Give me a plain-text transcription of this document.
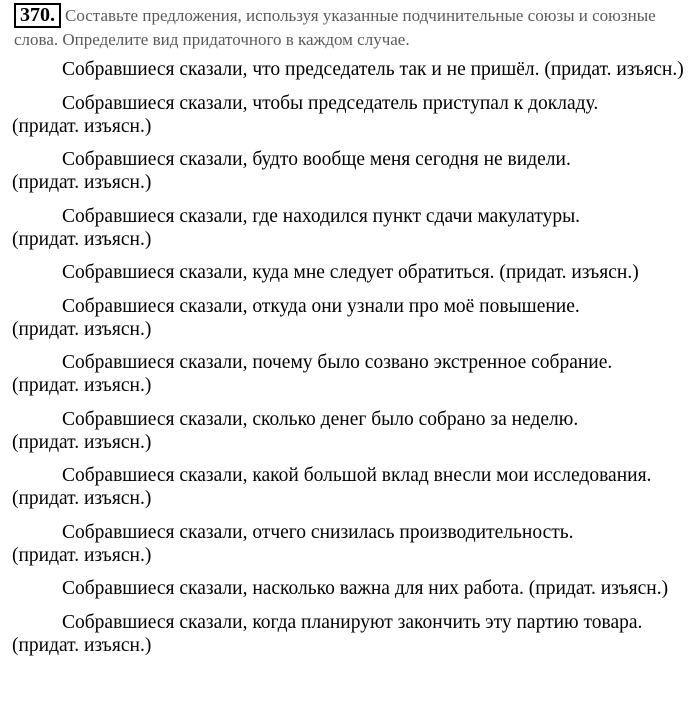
370. Составьте предложения, используя указанные подчинительные союзы и союзные слова. Определите вид придаточного в каждом случае.

Собравшиеся сказали, что председатель так и не пришёл. (придат. изъясн.)

Собравшиеся сказали, чтобы председатель приступал к докладу. (придат. изъясн.)

Собравшиеся сказали, будто вообще меня сегодня не видели. (придат. изъясн.)

Собравшиеся сказали, где находился пункт сдачи макулатуры. (придат. изъясн.)

Собравшиеся сказали, куда мне следует обратиться. (придат. изъясн.)

Собравшиеся сказали, откуда они узнали про моё повышение. (придат. изъясн.)

Собравшиеся сказали, почему было созвано экстренное собрание. (придат. изъясн.)

Собравшиеся сказали, сколько денег было собрано за неделю. (придат. изъясн.)

Собравшиеся сказали, какой большой вклад внесли мои исследования. (придат. изъясн.)

Собравшиеся сказали, отчего снизилась производительность. (придат. изъясн.)

Собравшиеся сказали, насколько важна для них работа. (придат. изъясн.)

Собравшиеся сказали, когда планируют закончить эту партию товара. (придат. изъясн.)
